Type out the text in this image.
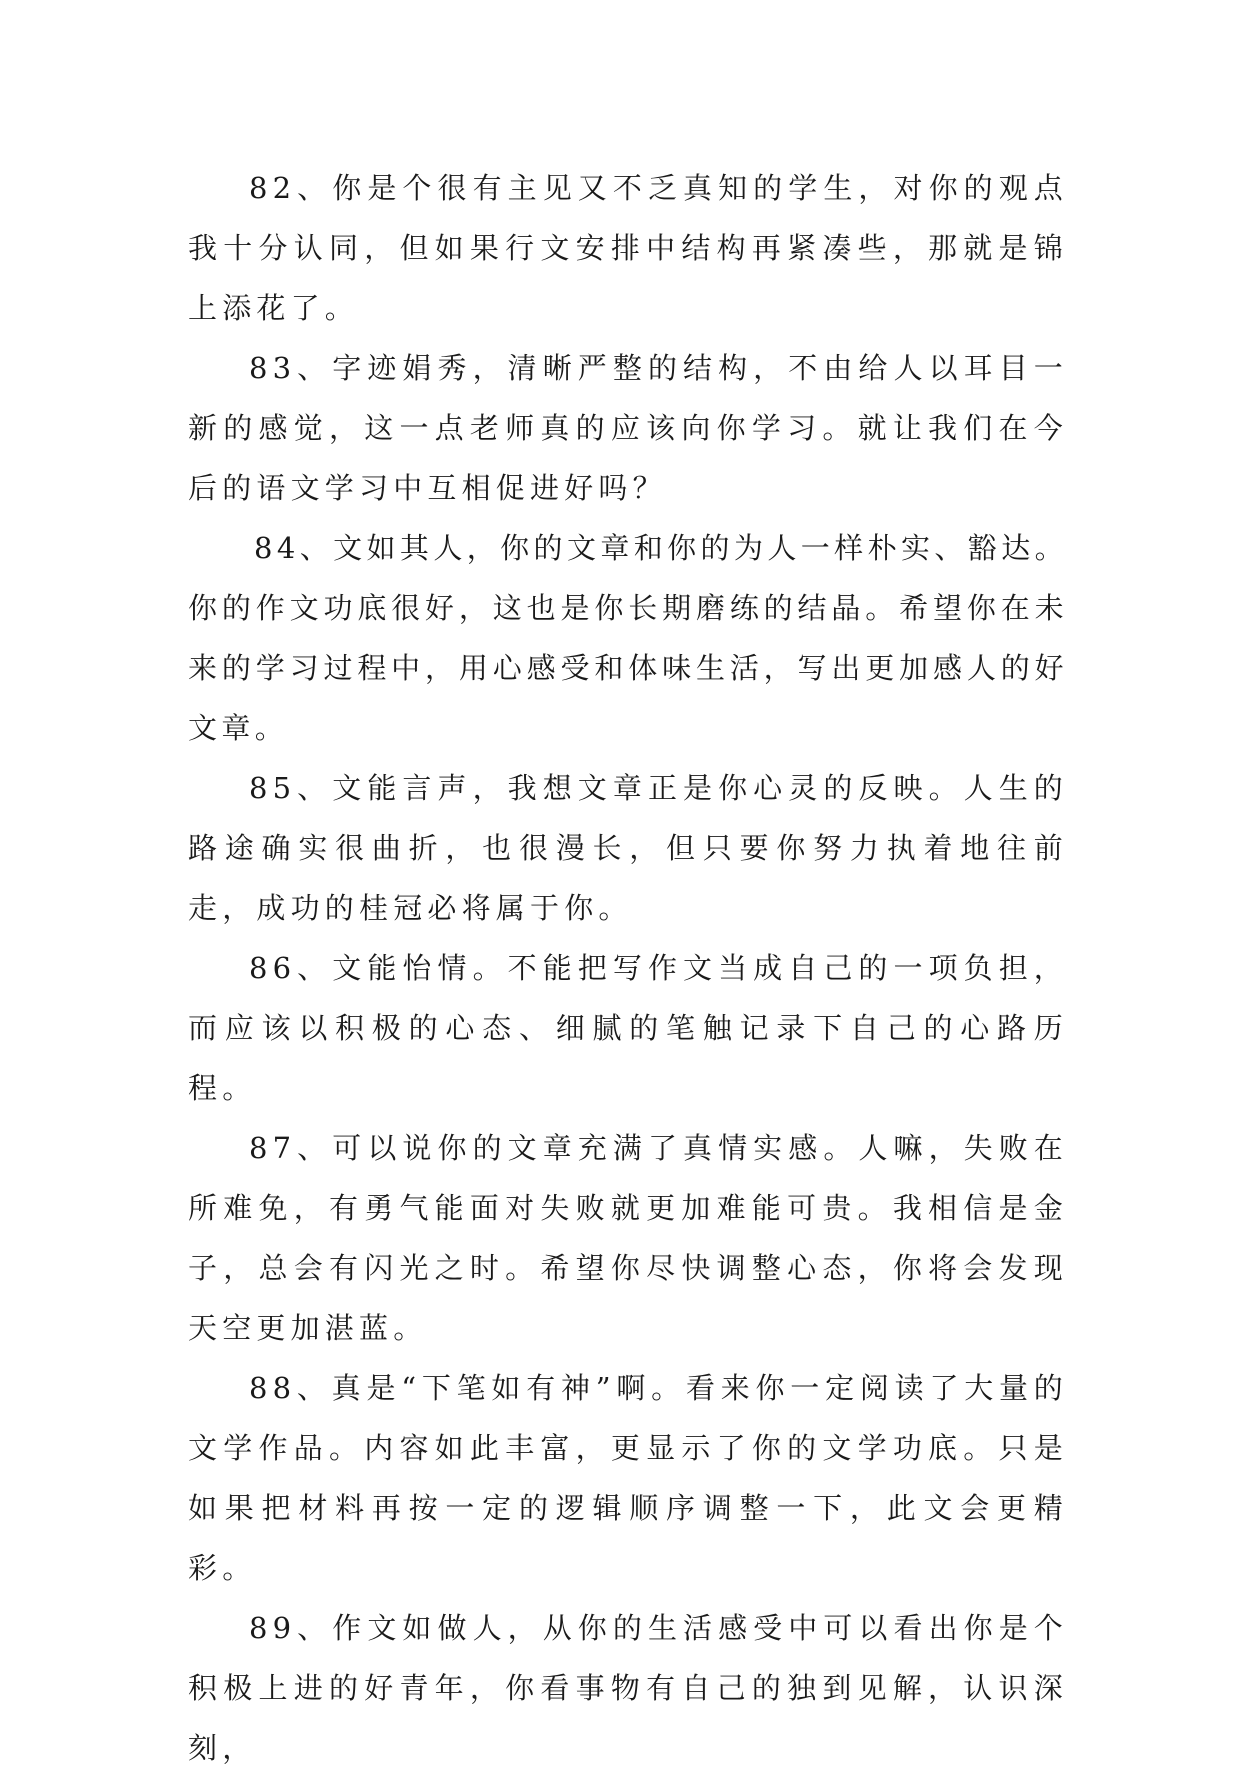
82、你是个很有主见又不乏真知的学生，对你的观点我十分认同，但如果行文安排中结构再紧凑些，那就是锦上添花了。

83、字迹娟秀，清晰严整的结构，不由给人以耳目一新的感觉，这一点老师真的应该向你学习。就让我们在今后的语文学习中互相促进好吗？

84、文如其人，你的文章和你的为人一样朴实、豁达。你的作文功底很好，这也是你长期磨练的结晶。希望你在未来的学习过程中，用心感受和体味生活，写出更加感人的好文章。

85、文能言声，我想文章正是你心灵的反映。人生的路途确实很曲折，也很漫长，但只要你努力执着地往前走，成功的桂冠必将属于你。

86、文能怡情。不能把写作文当成自己的一项负担，而应该以积极的心态、细腻的笔触记录下自己的心路历程。

87、可以说你的文章充满了真情实感。人嘛，失败在所难免，有勇气能面对失败就更加难能可贵。我相信是金子，总会有闪光之时。希望你尽快调整心态，你将会发现天空更加湛蓝。

88、真是“下笔如有神”啊。看来你一定阅读了大量的文学作品。内容如此丰富，更显示了你的文学功底。只是如果把材料再按一定的逻辑顺序调整一下，此文会更精彩。

89、作文如做人，从你的生活感受中可以看出你是个积极上进的好青年，你看事物有自己的独到见解，认识深刻，
